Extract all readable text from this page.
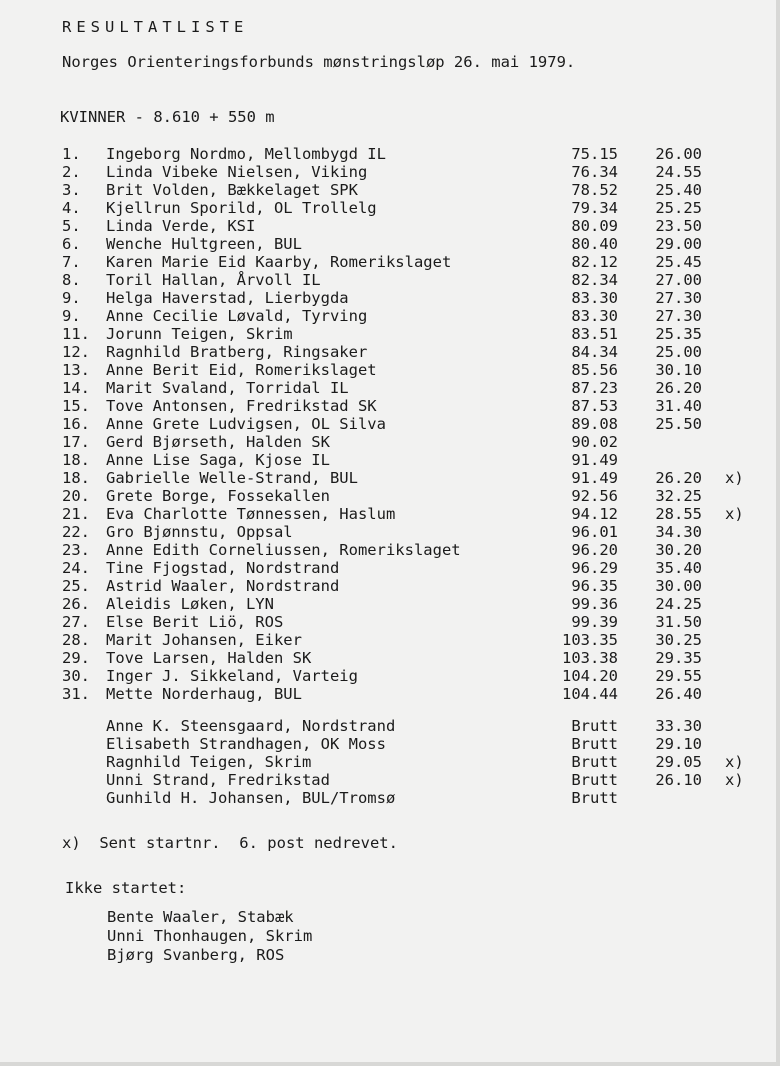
RESULTATLISTE
Norges Orienteringsforbunds mønstringsløp 26. mai 1979.
KVINNER - 8.610 + 550 m
1. Ingeborg Nordmo, Mellombygd IL	75.15	26.00
2. Linda Vibeke Nielsen, Viking	76.34	24.55
3. Brit Volden, Bækkelaget SPK	78.52	25.40
4. Kjellrun Sporild, OL Trollelg	79.34	25.25
5. Linda Verde, KSI	80.09	23.50
6. Wenche Hultgreen, BUL	80.40	29.00
7. Karen Marie Eid Kaarby, Romerikslaget	82.12	25.45
8. Toril Hallan, Årvoll IL	82.34	27.00
9. Helga Haverstad, Lierbygda	83.30	27.30
9. Anne Cecilie Løvald, Tyrving	83.30	27.30
11. Jorunn Teigen, Skrim	83.51	25.35
12. Ragnhild Bratberg, Ringsaker	84.34	25.00
13. Anne Berit Eid, Romerikslaget	85.56	30.10
14. Marit Svaland, Torridal IL	87.23	26.20
15. Tove Antonsen, Fredrikstad SK	87.53	31.40
16. Anne Grete Ludvigsen, OL Silva	89.08	25.50
17. Gerd Bjørseth, Halden SK	90.02
18. Anne Lise Saga, Kjose IL	91.49
18. Gabrielle Welle-Strand, BUL	91.49	26.20 x)
20. Grete Borge, Fossekallen	92.56	32.25
21. Eva Charlotte Tønnessen, Haslum	94.12	28.55 x)
22. Gro Bjønnstu, Oppsal	96.01	34.30
23. Anne Edith Corneliussen, Romerikslaget	96.20	30.20
24. Tine Fjogstad, Nordstrand	96.29	35.40
25. Astrid Waaler, Nordstrand	96.35	30.00
26. Aleidis Løken, LYN	99.36	24.25
27. Else Berit Liö, ROS	99.39	31.50
28. Marit Johansen, Eiker	103.35	30.25
29. Tove Larsen, Halden SK	103.38	29.35
30. Inger J. Sikkeland, Varteig	104.20	29.55
31. Mette Norderhaug, BUL	104.44	26.40
Anne K. Steensgaard, Nordstrand	Brutt	33.30
Elisabeth Strandhagen, OK Moss	Brutt	29.10
Ragnhild Teigen, Skrim	Brutt	29.05 x)
Unni Strand, Fredrikstad	Brutt	26.10 x)
Gunhild H. Johansen, BUL/Tromsø	Brutt
x)  Sent startnr.  6. post nedrevet.
Ikke startet:
Bente Waaler, Stabæk
Unni Thonhaugen, Skrim
Bjørg Svanberg, ROS
